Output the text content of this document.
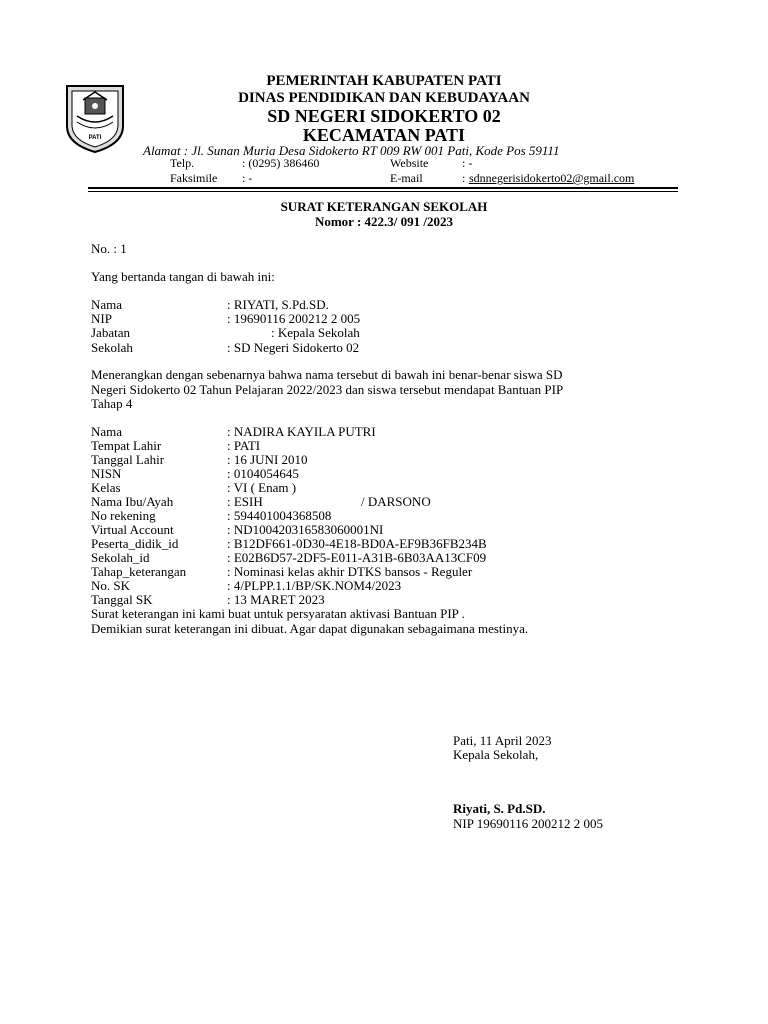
PATI
PEMERINTAH KABUPATEN PATI
DINAS PENDIDIKAN DAN KEBUDAYAAN
SD NEGERI SIDOKERTO 02
KECAMATAN PATI
Alamat : Jl. Sunan Muria Desa Sidokerto RT 009 RW 001 Pati, Kode Pos 59111
Telp.	: (0295) 386460	Website	: -
Faksimile : -	E-mail	: sdnnegerisidokerto02@gmail.com
SURAT KETERANGAN SEKOLAH
Nomor : 422.3/ 091 /2023
No. : 1
Yang bertanda tangan di bawah ini:
Nama	: RIYATI, S.Pd.SD.
NIP	: 19690116 200212 2 005
Jabatan	: Kepala Sekolah
Sekolah	: SD Negeri Sidokerto 02
Menerangkan dengan sebenarnya bahwa nama tersebut di bawah ini benar-benar siswa SD
Negeri Sidokerto 02 Tahun Pelajaran 2022/2023 dan siswa tersebut mendapat Bantuan PIP
Tahap 4
Nama	: NADIRA KAYILA PUTRI
Tempat Lahir	: PATI
Tanggal Lahir	: 16 JUNI 2010
NISN	: 0104054645
Kelas	: VI ( Enam )
Nama Ibu/Ayah	: ESIH	/ DARSONO
No rekening	: 594401004368508
Virtual Account	: ND100420316583060001NI
Peserta_didik_id	: B12DF661-0D30-4E18-BD0A-EF9B36FB234B
Sekolah_id	: E02B6D57-2DF5-E011-A31B-6B03AA13CF09
Tahap_keterangan	: Nominasi kelas akhir DTKS bansos - Reguler
No. SK	: 4/PLPP.1.1/BP/SK.NOM4/2023
Tanggal SK	: 13 MARET 2023
Surat keterangan ini kami buat untuk persyaratan aktivasi Bantuan PIP .
Demikian surat keterangan ini dibuat. Agar dapat digunakan sebagaimana mestinya.
Pati, 11 April 2023
Kepala Sekolah,
Riyati, S. Pd.SD.
NIP 19690116 200212 2 005
